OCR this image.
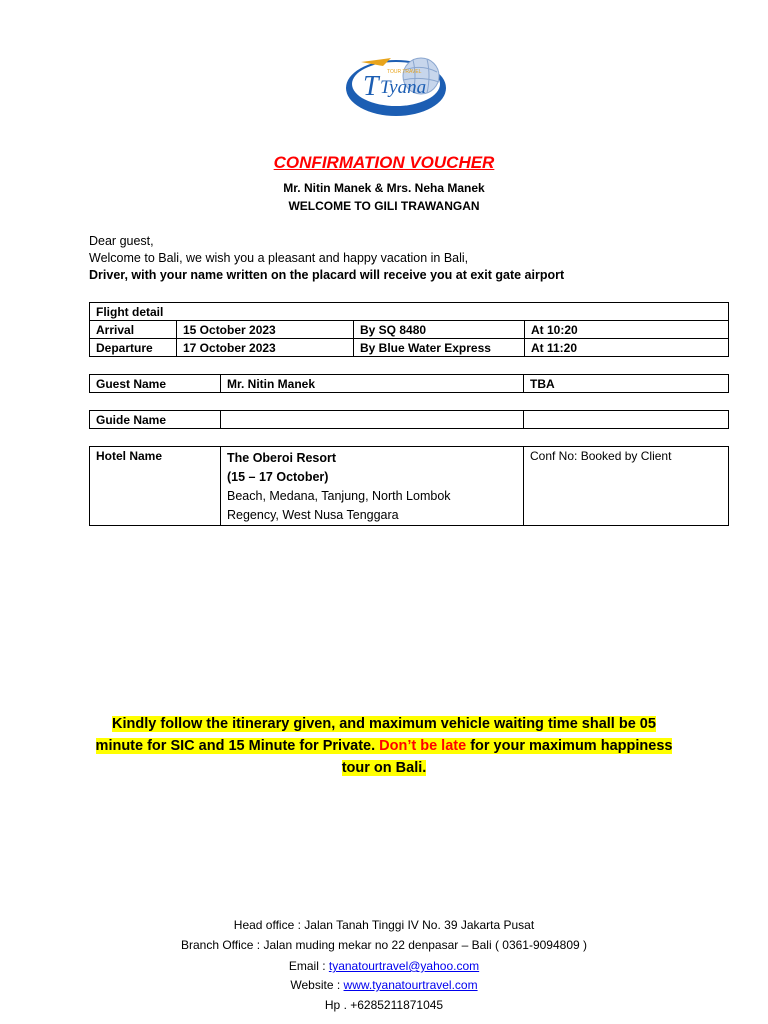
T Tyana
TOUR TRAVEL
CONFIRMATION VOUCHER
Mr. Nitin Manek & Mrs. Neha Manek
WELCOME TO GILI TRAWANGAN
Dear guest,
Welcome to Bali, we wish you a pleasant and happy vacation in Bali,
Driver, with your name written on the placard will receive you at exit gate airport
Flight detail			
Arrival	15 October 2023	By SQ 8480	At 10:20
Departure	17 October 2023	By Blue Water Express	At 11:20
Guest Name	Mr. Nitin Manek	TBA
Guide Name		
Hotel Name	The Oberoi Resort
(15 – 17 October)
Beach, Medana, Tanjung, North Lombok
Regency, West Nusa Tenggara
	Conf No: Booked by Client
Kindly follow the itinerary given, and maximum vehicle waiting time shall be 05 minute for SIC and 15 Minute for Private. Don’t be late for your maximum happiness tour on Bali.
Head office : Jalan Tanah Tinggi IV No. 39 Jakarta Pusat
Branch Office : Jalan muding mekar no 22 denpasar – Bali ( 0361-9094809 )
Email : tyanatourtravel@yahoo.com
Website : www.tyanatourtravel.com
Hp . +6285211871045
